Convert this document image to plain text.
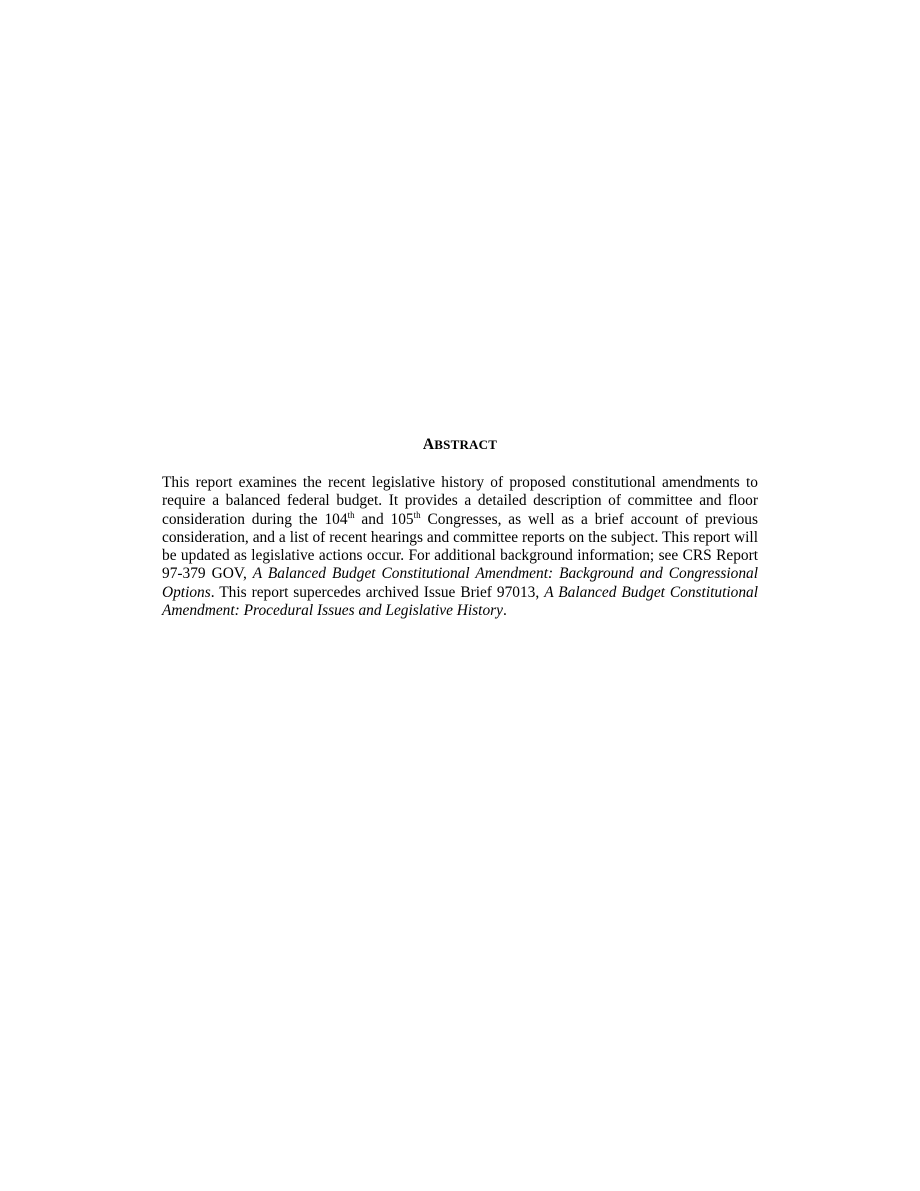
ABSTRACT

This report examines the recent legislative history of proposed constitutional amendments to require a balanced federal budget. It provides a detailed description of committee and floor consideration during the 104th and 105th Congresses, as well as a brief account of previous consideration, and a list of recent hearings and committee reports on the subject. This report will be updated as legislative actions occur. For additional background information; see CRS Report 97-379 GOV, A Balanced Budget Constitutional Amendment: Background and Congressional Options. This report supercedes archived Issue Brief 97013, A Balanced Budget Constitutional Amendment: Procedural Issues and Legislative History.
